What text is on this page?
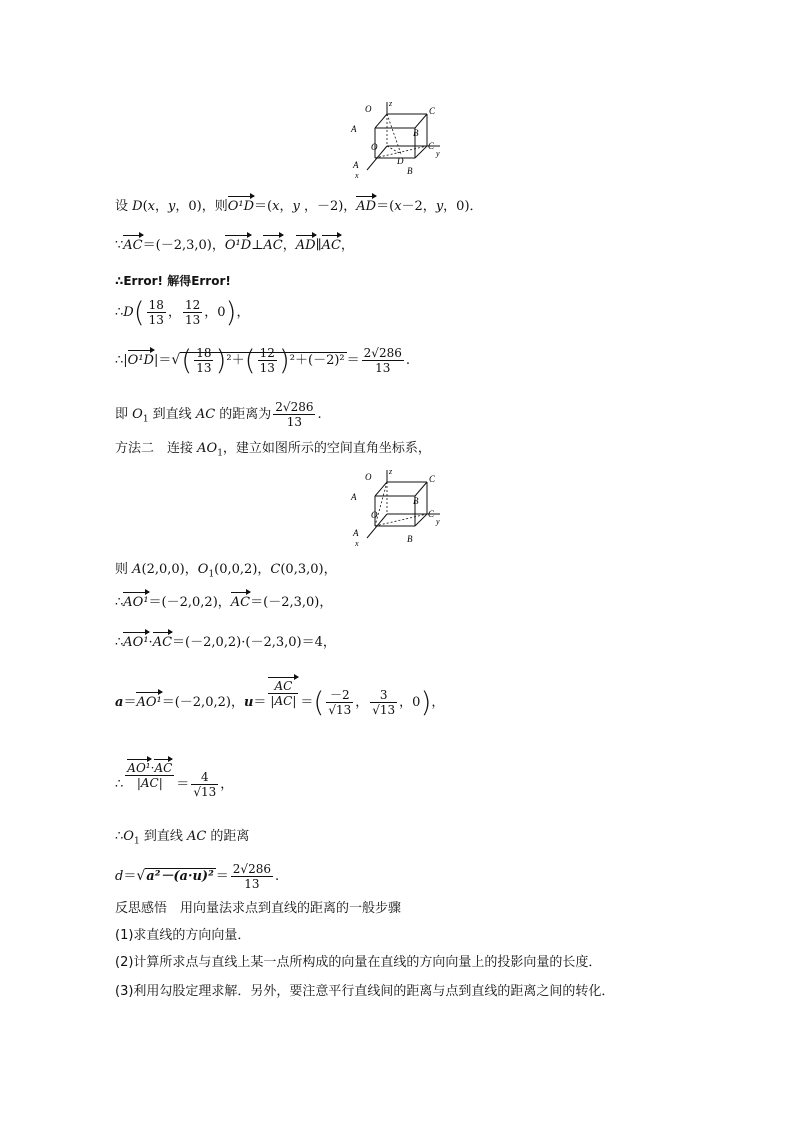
O
z
C
A	B
O
D
C
y
A
B
x
设 D(x，y，0)，则O¹D＝(x，y ，－2)，AD＝(x－2，y，0)．
∵AC＝(－2,3,0)，O¹D⊥AC，AD∥AC，
∴Error! 解得Error!
∴D( $\frac{18}{13}$ ， $\frac{12}{13}$ ，0)，
∴|O¹D|＝√( $\frac{18}{13} )^2+( \frac{12}{13} )^2+(-2)^2 = \frac{2√286}{13}$ .
即 $O_1$ 到直线 AC 的距离为 $\frac{2√286}{13}$ .
方法二　连接 $AO_1$，建立如图所示的空间直角坐标系，
O
z
C
A	B
O	C
y
A
B
x
则 A(2,0,0)，$O_1(0,0,2)$，C(0,3,0)，
∴AO¹＝(－2,0,2)，AC＝(－2,3,0)，
∴AO¹·AC＝(－2,0,2)·(－2,3,0)＝4，
a＝AO¹＝(－2,0,2)，$u= \frac{AC}{|AC|}$ ＝( $\frac{-2}{√13}$ ， $\frac{3}{√13}$ ，0)，
∴ $\frac{\text{AO¹·AC}}{|AC|} = \frac{4}{√13}$ ，
$\therefore O_1$ 到直线 AC 的距离
$d=√a^2-(a\cdot u)^2 = \frac{2√286}{13}$ .
反思感悟　用向量法求点到直线的距离的一般步骤
(1)求直线的方向向量．
(2)计算所求点与直线上某一点所构成的向量在直线的方向向量上的投影向量的长度．
(3)利用勾股定理求解．另外，要注意平行直线间的距离与点到直线的距离之间的转化．
